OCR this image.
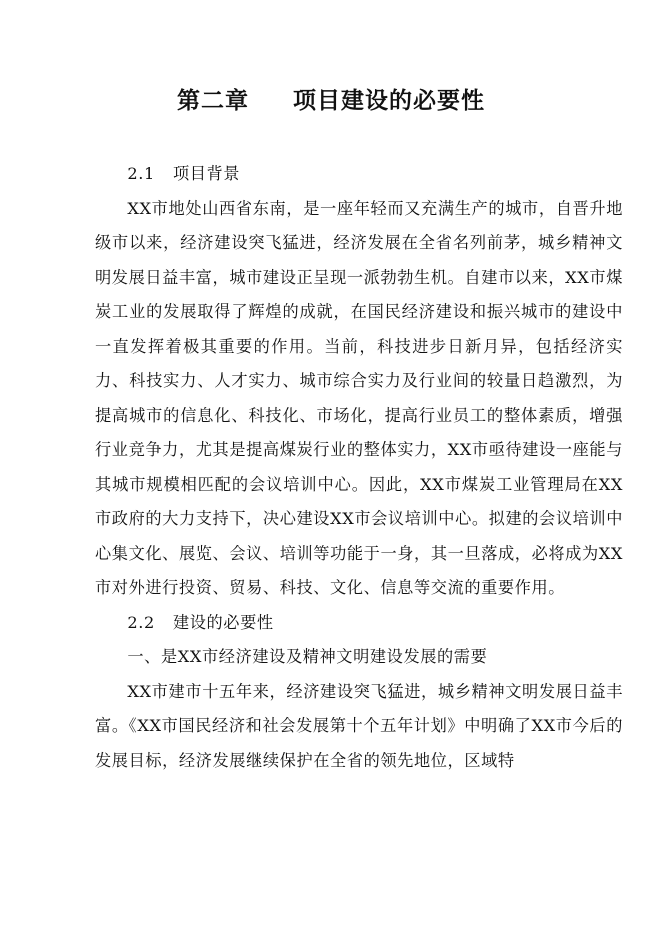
第二章 项目建设的必要性

2.1 项目背景

XX市地处山西省东南，是一座年轻而又充满生产的城市，自晋升地级市以来，经济建设突飞猛进，经济发展在全省名列前茅，城乡精神文明发展日益丰富，城市建设正呈现一派勃勃生机。自建市以来，XX市煤炭工业的发展取得了辉煌的成就，在国民经济建设和振兴城市的建设中一直发挥着极其重要的作用。当前，科技进步日新月异，包括经济实力、科技实力、人才实力、城市综合实力及行业间的较量日趋激烈，为提高城市的信息化、科技化、市场化，提高行业员工的整体素质，增强行业竞争力，尤其是提高煤炭行业的整体实力，XX市亟待建设一座能与其城市规模相匹配的会议培训中心。因此，XX市煤炭工业管理局在XX市政府的大力支持下，决心建设XX市会议培训中心。拟建的会议培训中心集文化、展览、会议、培训等功能于一身，其一旦落成，必将成为XX市对外进行投资、贸易、科技、文化、信息等交流的重要作用。

2.2 建设的必要性

一、是XX市经济建设及精神文明建设发展的需要

XX市建市十五年来，经济建设突飞猛进，城乡精神文明发展日益丰富。《XX市国民经济和社会发展第十个五年计划》中明确了XX市今后的发展目标，经济发展继续保护在全省的领先地位，区域特
